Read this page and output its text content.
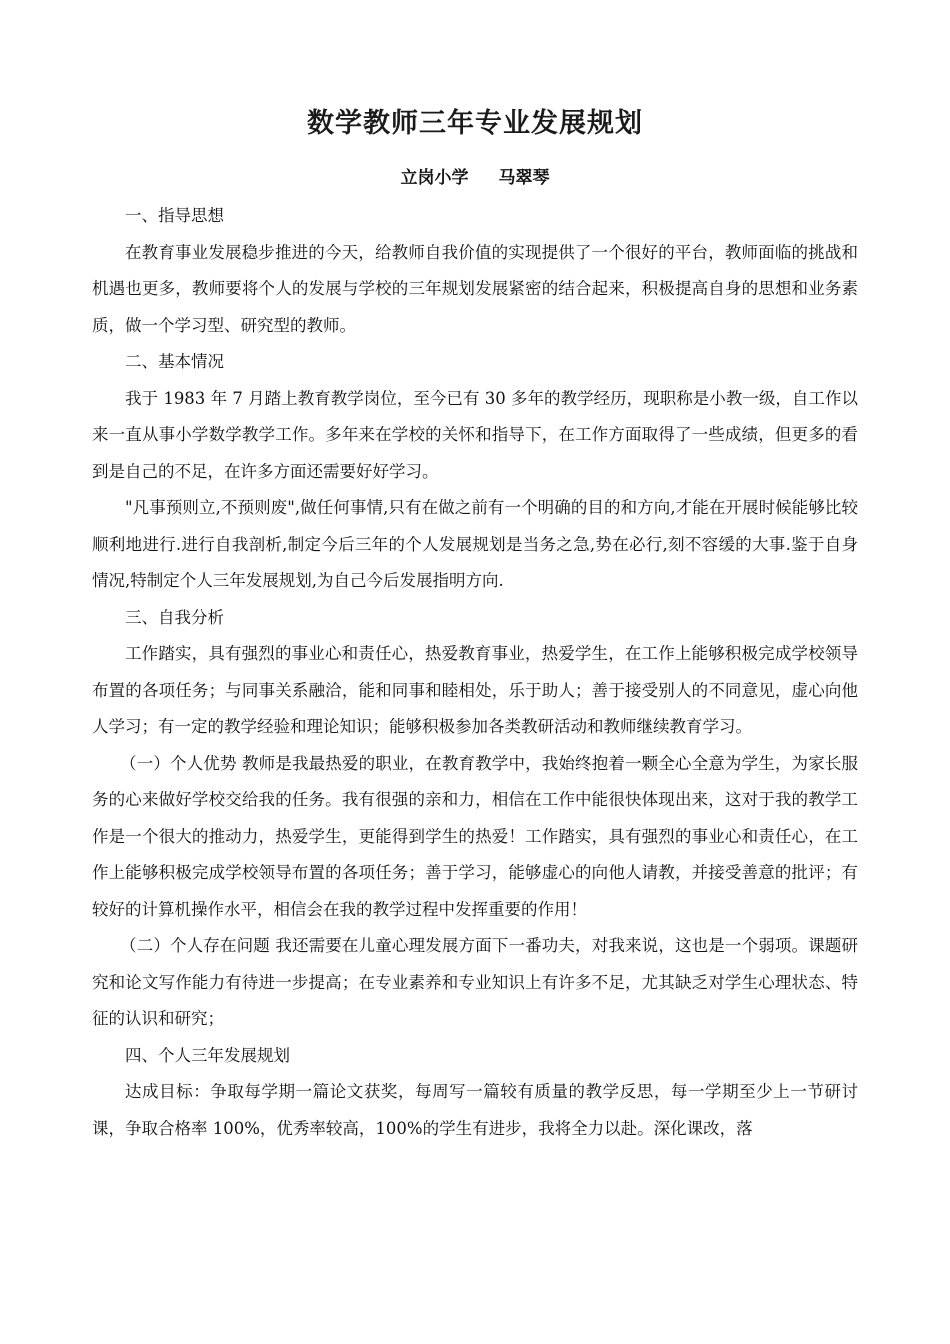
数学教师三年专业发展规划
立岗小学 马翠琴

一、指导思想

在教育事业发展稳步推进的今天，给教师自我价值的实现提供了一个很好的平台，教师面临的挑战和机遇也更多，教师要将个人的发展与学校的三年规划发展紧密的结合起来，积极提高自身的思想和业务素质，做一个学习型、研究型的教师。

二、基本情况

我于 1983 年 7 月踏上教育教学岗位，至今已有 30 多年的教学经历，现职称是小教一级，自工作以来一直从事小学数学教学工作。多年来在学校的关怀和指导下，在工作方面取得了一些成绩，但更多的看到是自己的不足，在许多方面还需要好好学习。

"凡事预则立,不预则废",做任何事情,只有在做之前有一个明确的目的和方向,才能在开展时候能够比较顺利地进行.进行自我剖析,制定今后三年的个人发展规划是当务之急,势在必行,刻不容缓的大事.鉴于自身情况,特制定个人三年发展规划,为自己今后发展指明方向.

三、自我分析

工作踏实，具有强烈的事业心和责任心，热爱教育事业，热爱学生，在工作上能够积极完成学校领导布置的各项任务；与同事关系融洽，能和同事和睦相处，乐于助人；善于接受别人的不同意见，虚心向他人学习；有一定的教学经验和理论知识；能够积极参加各类教研活动和教师继续教育学习。

（一）个人优势 教师是我最热爱的职业，在教育教学中，我始终抱着一颗全心全意为学生，为家长服务的心来做好学校交给我的任务。我有很强的亲和力，相信在工作中能很快体现出来，这对于我的教学工作是一个很大的推动力，热爱学生，更能得到学生的热爱！工作踏实，具有强烈的事业心和责任心，在工作上能够积极完成学校领导布置的各项任务；善于学习，能够虚心的向他人请教，并接受善意的批评；有较好的计算机操作水平，相信会在我的教学过程中发挥重要的作用！

（二）个人存在问题 我还需要在儿童心理发展方面下一番功夫，对我来说，这也是一个弱项。课题研究和论文写作能力有待进一步提高；在专业素养和专业知识上有许多不足，尤其缺乏对学生心理状态、特征的认识和研究；

四、个人三年发展规划

达成目标：争取每学期一篇论文获奖，每周写一篇较有质量的教学反思，每一学期至少上一节研讨课，争取合格率 100%，优秀率较高，100%的学生有进步，我将全力以赴。深化课改，落
